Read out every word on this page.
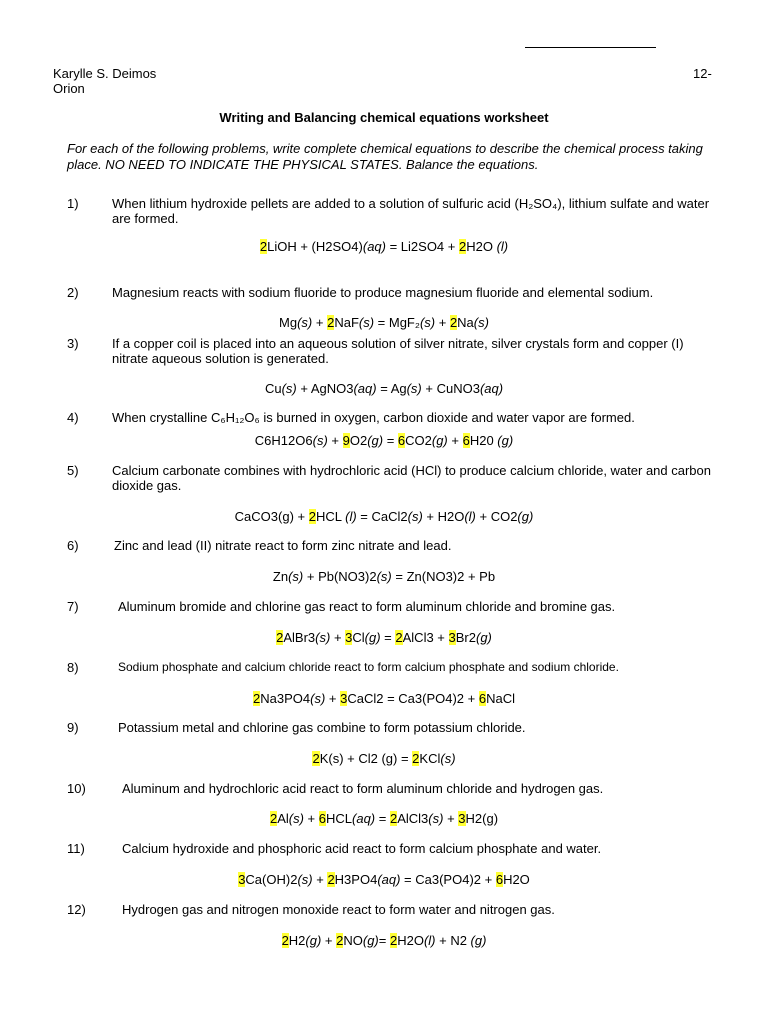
Karylle S. Deimos
Orion
12-
Writing and Balancing chemical equations worksheet
For each of the following problems, write complete chemical equations to describe the chemical process taking place. NO NEED TO INDICATE THE PHYSICAL STATES. Balance the equations.
1)	When lithium hydroxide pellets are added to a solution of sulfuric acid (H₂SO₄), lithium sulfate and water are formed.
2LiOH + (H2SO4)(aq) = Li2SO4 + 2H2O (l)
2)	Magnesium reacts with sodium fluoride to produce magnesium fluoride and elemental sodium.
Mg(s) + 2NaF(s) = MgF₂(s) + 2Na(s)
3)	If a copper coil is placed into an aqueous solution of silver nitrate, silver crystals form and copper (I) nitrate aqueous solution is generated.
Cu(s) + AgNO3(aq) = Ag(s) + CuNO3(aq)
4)	When crystalline C₆H₁₂O₆ is burned in oxygen, carbon dioxide and water vapor are formed.
C6H12O6(s) + 9O2(g) = 6CO2(g) + 6H20 (g)
5)	Calcium carbonate combines with hydrochloric acid (HCl) to produce calcium chloride, water and carbon dioxide gas.
CaCO3(g) + 2HCL (l) = CaCl2(s) + H2O(l) + CO2(g)
6)	Zinc and lead (II) nitrate react to form zinc nitrate and lead.
Zn(s) + Pb(NO3)2(s) = Zn(NO3)2 + Pb
7)	Aluminum bromide and chlorine gas react to form aluminum chloride and bromine gas.
2AlBr3(s) + 3Cl(g) = 2AlCl3 + 3Br2(g)
8)	Sodium phosphate and calcium chloride react to form calcium phosphate and sodium chloride.
2Na3PO4(s) + 3CaCl2 = Ca3(PO4)2 + 6NaCl
9)	Potassium metal and chlorine gas combine to form potassium chloride.
2K(s) + Cl2 (g) = 2KCl(s)
10)	Aluminum and hydrochloric acid react to form aluminum chloride and hydrogen gas.
2Al(s) + 6HCL(aq) = 2AlCl3(s) + 3H2(g)
11)	Calcium hydroxide and phosphoric acid react to form calcium phosphate and water.
3Ca(OH)2(s) + 2H3PO4(aq) = Ca3(PO4)2 + 6H2O
12)	Hydrogen gas and nitrogen monoxide react to form water and nitrogen gas.
2H2(g) + 2NO(g)= 2H2O(l) + N2 (g)
